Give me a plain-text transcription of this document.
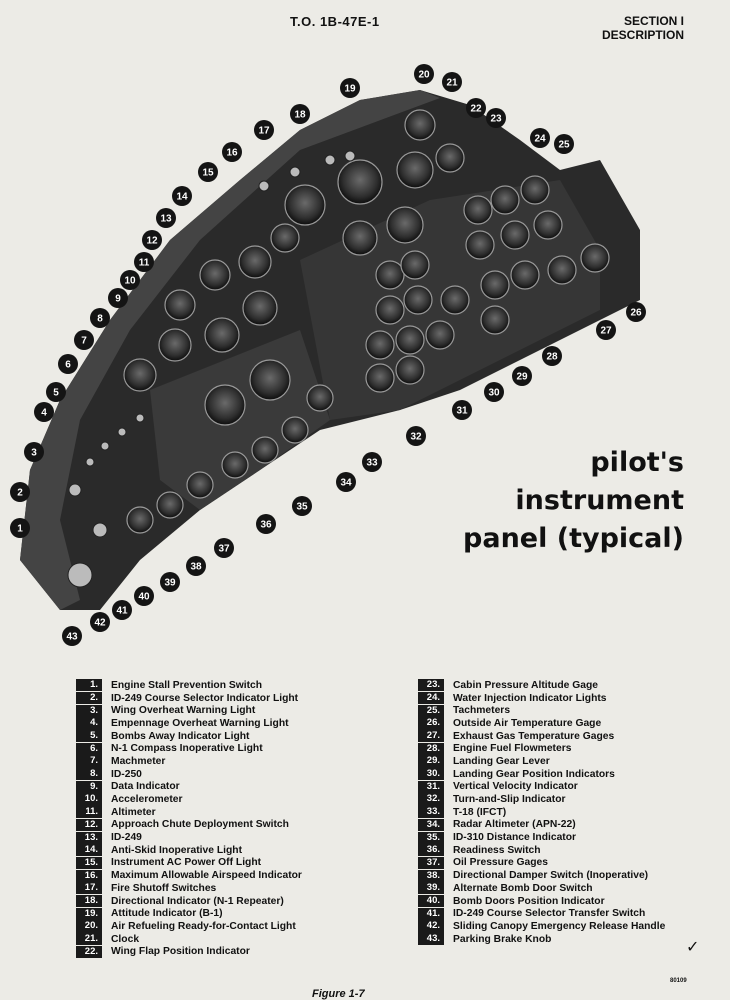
T.O. 1B-47E-1	SECTION I
DESCRIPTION
1
2
3
4
5
6
7
8
9
10
11
12
13
14
15
16
17
18
19
20
21
22
23
24
25
26
27
28
29
30
31
32
33
34
35
36
37
38
39
40
41
42
43
pilot's
instrument
panel (typical)
1.	Engine Stall Prevention Switch
2.	ID-249 Course Selector Indicator Light
3.	Wing Overheat Warning Light
4.	Empennage Overheat Warning Light
5.	Bombs Away Indicator Light
6.	N-1 Compass Inoperative Light
7.	Machmeter
8.	ID-250
9.	Data Indicator
10.	Accelerometer
11.	Altimeter
12.	Approach Chute Deployment Switch
13.	ID-249
14.	Anti-Skid Inoperative Light
15.	Instrument AC Power Off Light
16.	Maximum Allowable Airspeed Indicator
17.	Fire Shutoff Switches
18.	Directional Indicator (N-1 Repeater)
19.	Attitude Indicator (B-1)
20.	Air Refueling Ready-for-Contact Light
21.	Clock
22.	Wing Flap Position Indicator
23.	Cabin Pressure Altitude Gage
24.	Water Injection Indicator Lights
25.	Tachmeters
26.	Outside Air Temperature Gage
27.	Exhaust Gas Temperature Gages
28.	Engine Fuel Flowmeters
29.	Landing Gear Lever
30.	Landing Gear Position Indicators
31.	Vertical Velocity Indicator
32.	Turn-and-Slip Indicator
33.	T-18 (IFCT)
34.	Radar Altimeter (APN-22)
35.	ID-310 Distance Indicator
36.	Readiness Switch
37.	Oil Pressure Gages
38.	Directional Damper Switch (Inoperative)
39.	Alternate Bomb Door Switch
40.	Bomb Doors Position Indicator
41.	ID-249 Course Selector Transfer Switch
42.	Sliding Canopy Emergency Release Handle
43.	Parking Brake Knob	✓
80109
Figure 1-7
